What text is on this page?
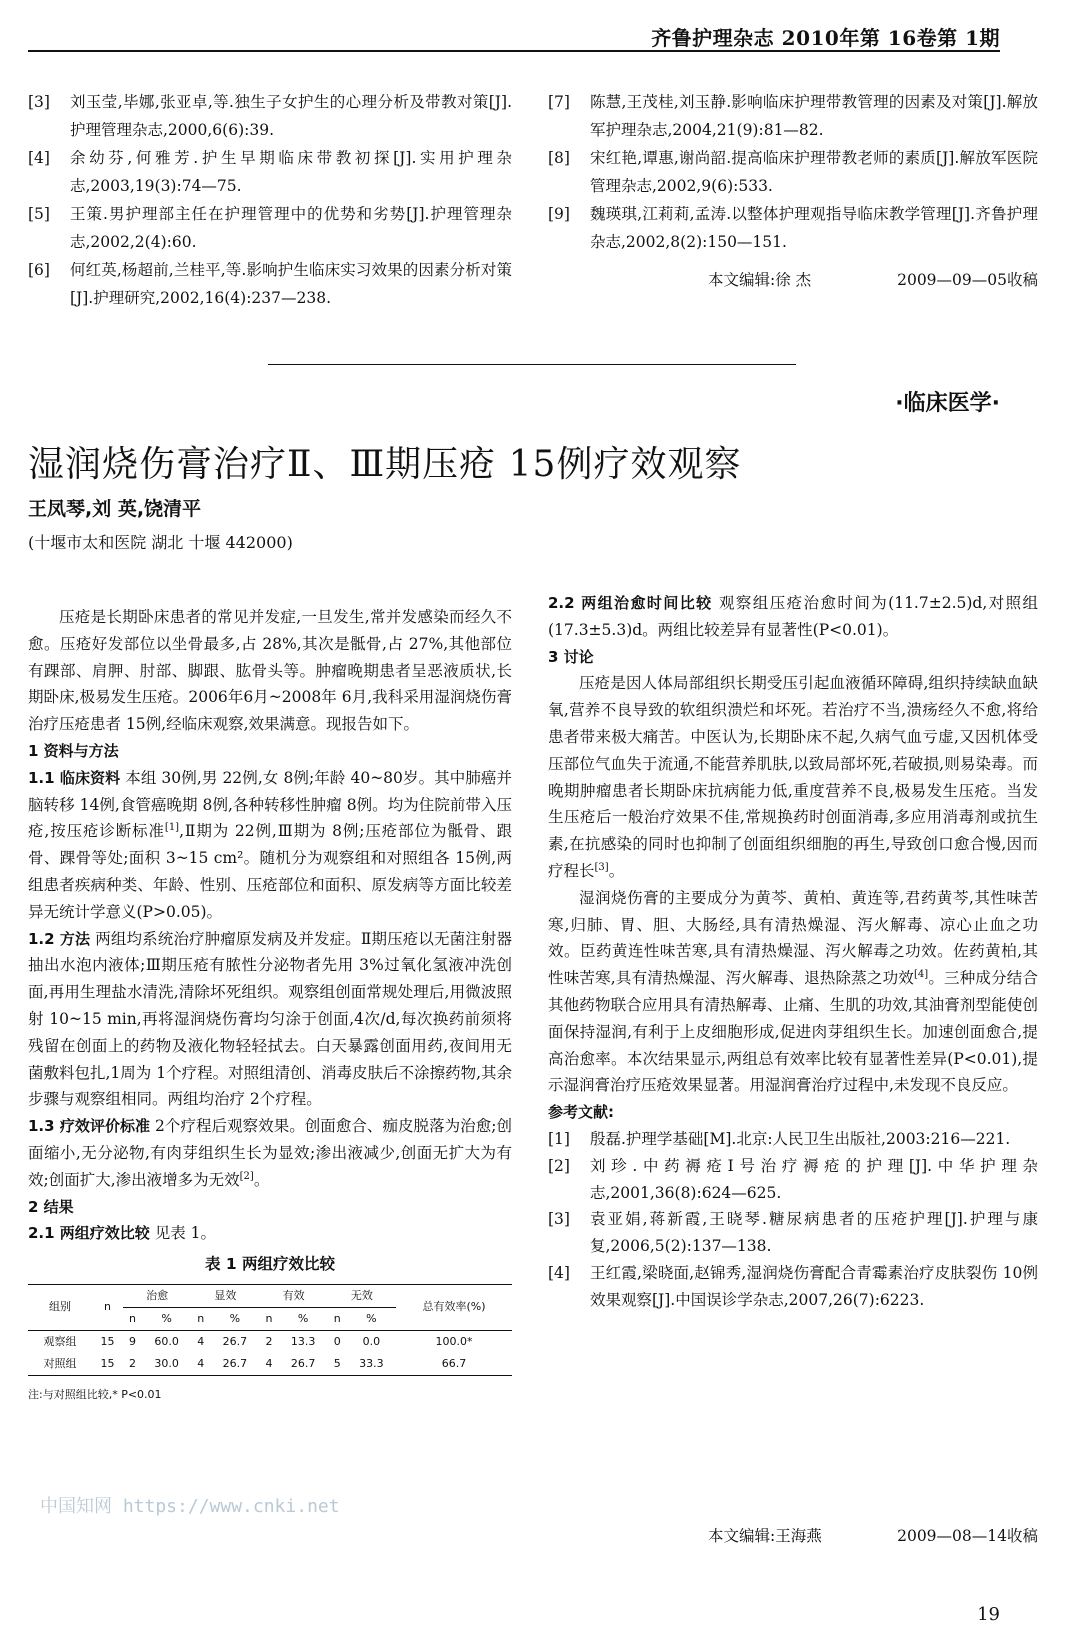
齐鲁护理杂志 2010年第 16卷第 1期
[3]	刘玉莹,毕娜,张亚卓,等.独生子女护生的心理分析及带教对策[J].护理管理杂志,2000,6(6):39.
[4]	余幼芬,何雅芳.护生早期临床带教初探[J].实用护理杂志,2003,19(3):74—75.
[5]	王策.男护理部主任在护理管理中的优势和劣势[J].护理管理杂志,2002,2(4):60.
[6]	何红英,杨超前,兰桂平,等.影响护生临床实习效果的因素分析对策[J].护理研究,2002,16(4):237—238.
[7]	陈慧,王茂桂,刘玉静.影响临床护理带教管理的因素及对策[J].解放军护理杂志,2004,21(9):81—82.
[8]	宋红艳,谭惠,谢尚韶.提高临床护理带教老师的素质[J].解放军医院管理杂志,2002,9(6):533.
[9]	魏瑛琪,江莉莉,孟涛.以整体护理观指导临床教学管理[J].齐鲁护理杂志,2002,8(2):150—151.
本文编辑:徐 杰	2009—09—05收稿
·临床医学·
湿润烧伤膏治疗Ⅱ、Ⅲ期压疮 15例疗效观察
王凤琴,刘 英,饶清平
(十堰市太和医院 湖北 十堰 442000)

压疮是长期卧床患者的常见并发症,一旦发生,常并发感染而经久不愈。压疮好发部位以坐骨最多,占 28%,其次是骶骨,占 27%,其他部位有踝部、肩胛、肘部、脚跟、肱骨头等。肿瘤晚期患者呈恶液质状,长期卧床,极易发生压疮。2006年6月~2008年 6月,我科采用湿润烧伤膏治疗压疮患者 15例,经临床观察,效果满意。现报告如下。

1 资料与方法

1.1 临床资料 本组 30例,男 22例,女 8例;年龄 40~80岁。其中肺癌并脑转移 14例,食管癌晚期 8例,各种转移性肿瘤 8例。均为住院前带入压疮,按压疮诊断标准[1],Ⅱ期为 22例,Ⅲ期为 8例;压疮部位为骶骨、跟骨、踝骨等处;面积 3~15 cm²。随机分为观察组和对照组各 15例,两组患者疾病种类、年龄、性别、压疮部位和面积、原发病等方面比较差异无统计学意义(P>0.05)。

1.2 方法 两组均系统治疗肿瘤原发病及并发症。Ⅱ期压疮以无菌注射器抽出水泡内液体;Ⅲ期压疮有脓性分泌物者先用 3%过氧化氢液冲洗创面,再用生理盐水清洗,清除坏死组织。观察组创面常规处理后,用微波照射 10~15 min,再将湿润烧伤膏均匀涂于创面,4次/d,每次换药前须将残留在创面上的药物及液化物轻轻拭去。白天暴露创面用药,夜间用无菌敷料包扎,1周为 1个疗程。对照组清创、消毒皮肤后不涂擦药物,其余步骤与观察组相同。两组均治疗 2个疗程。

1.3 疗效评价标准 2个疗程后观察效果。创面愈合、痂皮脱落为治愈;创面缩小,无分泌物,有肉芽组织生长为显效;渗出液减少,创面无扩大为有效;创面扩大,渗出液增多为无效[2]。

2 结果

2.1 两组疗效比较 见表 1。

表 1 两组疗效比较
组别	n	治愈		显效		有效		无效		总有效率(%)
		n	%	n	%	n	%	n	%	
观察组	15	9	60.0	4	26.7	2	13.3	0	0.0	100.0*
对照组	15	2	30.0	4	26.7	4	26.7	5	33.3	66.7
注:与对照组比较,* P<0.01

2.2 两组治愈时间比较 观察组压疮治愈时间为(11.7±2.5)d,对照组(17.3±5.3)d。两组比较差异有显著性(P<0.01)。

3 讨论

压疮是因人体局部组织长期受压引起血液循环障碍,组织持续缺血缺氧,营养不良导致的软组织溃烂和坏死。若治疗不当,溃疡经久不愈,将给患者带来极大痛苦。中医认为,长期卧床不起,久病气血亏虚,又因机体受压部位气血失于流通,不能营养肌肤,以致局部坏死,若破损,则易染毒。而晚期肿瘤患者长期卧床抗病能力低,重度营养不良,极易发生压疮。当发生压疮后一般治疗效果不佳,常规换药时创面消毒,多应用消毒剂或抗生素,在抗感染的同时也抑制了创面组织细胞的再生,导致创口愈合慢,因而疗程长[3]。

湿润烧伤膏的主要成分为黄芩、黄柏、黄连等,君药黄芩,其性味苦寒,归肺、胃、胆、大肠经,具有清热燥湿、泻火解毒、凉心止血之功效。臣药黄连性味苦寒,具有清热燥湿、泻火解毒之功效。佐药黄柏,其性味苦寒,具有清热燥湿、泻火解毒、退热除蒸之功效[4]。三种成分结合其他药物联合应用具有清热解毒、止痛、生肌的功效,其油膏剂型能使创面保持湿润,有利于上皮细胞形成,促进肉芽组织生长。加速创面愈合,提高治愈率。本次结果显示,两组总有效率比较有显著性差异(P<0.01),提示湿润膏治疗压疮效果显著。用湿润膏治疗过程中,未发现不良反应。

参考文献:

[1]	殷磊.护理学基础[M].北京:人民卫生出版社,2003:216—221.
[2]	刘珍.中药褥疮Ⅰ号治疗褥疮的护理[J].中华护理杂志,2001,36(8):624—625.
[3]	袁亚娟,蒋新霞,王晓琴.糖尿病患者的压疮护理[J].护理与康复,2006,5(2):137—138.
[4]	王红霞,梁晓面,赵锦秀,湿润烧伤膏配合青霉素治疗皮肤裂伤 10例效果观察[J].中国误诊学杂志,2007,26(7):6223.
本文编辑:王海燕	2009—08—14收稿
中国知网 https://www.cnki.net
19
